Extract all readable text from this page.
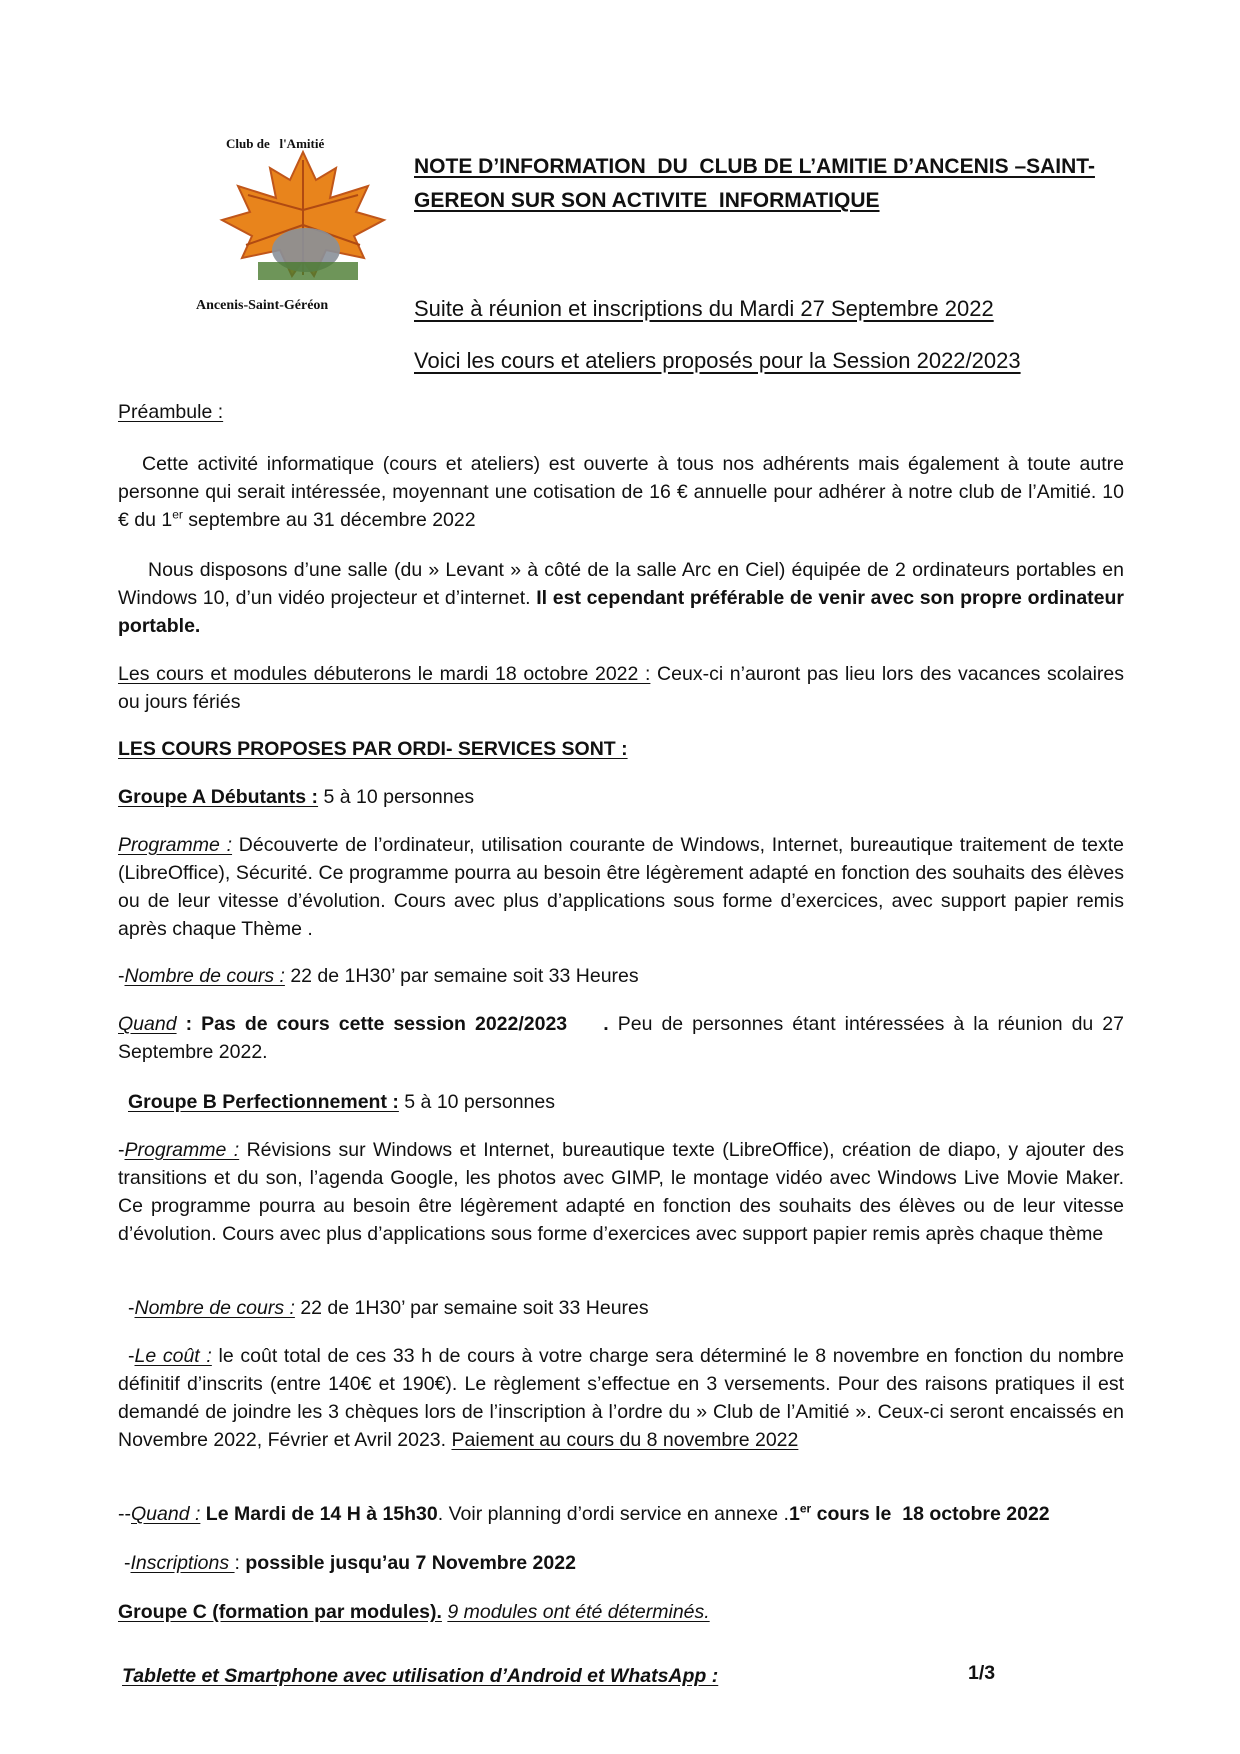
Club de   l'Amitié
Ancenis-Saint-Géréon
NOTE D’INFORMATION  DU  CLUB DE L’AMITIE D’ANCENIS –SAINT-
GEREON SUR SON ACTIVITE  INFORMATIQUE
Suite à réunion et inscriptions du Mardi 27 Septembre 2022
Voici les cours et ateliers proposés pour la Session 2022/2023

Préambule :

Cette activité informatique (cours et ateliers) est ouverte à tous nos adhérents mais également à toute autre personne qui serait intéressée, moyennant une cotisation de 16 € annuelle pour adhérer à notre club de l’Amitié. 10 € du 1er septembre au 31 décembre 2022

Nous disposons d’une salle (du » Levant » à côté de la salle Arc en Ciel) équipée de 2 ordinateurs portables en Windows 10, d’un vidéo projecteur et d’internet. Il est cependant préférable de venir avec son propre ordinateur portable.

Les cours et modules débuterons le mardi 18 octobre 2022 : Ceux-ci n’auront pas lieu lors des vacances scolaires ou jours fériés

LES COURS PROPOSES PAR ORDI- SERVICES SONT :

Groupe A Débutants : 5 à 10 personnes

Programme : Découverte de l’ordinateur, utilisation courante de Windows, Internet, bureautique traitement de texte (LibreOffice), Sécurité. Ce programme pourra au besoin être légèrement adapté en fonction des souhaits des élèves ou de leur vitesse d’évolution. Cours avec plus d’applications sous forme d’exercices, avec support papier remis après chaque Thème .

-Nombre de cours : 22 de 1H30’ par semaine soit 33 Heures

Quand : Pas de cours cette session 2022/2023    . Peu de personnes étant intéressées à la réunion du 27 Septembre 2022.

Groupe B Perfectionnement : 5 à 10 personnes

-Programme : Révisions sur Windows et Internet, bureautique texte (LibreOffice), création de diapo, y ajouter des transitions et du son, l’agenda Google, les photos avec GIMP, le montage vidéo avec Windows Live Movie Maker. Ce programme pourra au besoin être légèrement adapté en fonction des souhaits des élèves ou de leur vitesse d’évolution. Cours avec plus d’applications sous forme d’exercices avec support papier remis après chaque thème

-Nombre de cours : 22 de 1H30’ par semaine soit 33 Heures

-Le coût : le coût total de ces 33 h de cours à votre charge sera déterminé le 8 novembre en fonction du nombre définitif d’inscrits (entre 140€ et 190€). Le règlement s’effectue en 3 versements. Pour des raisons pratiques il est demandé de joindre les 3 chèques lors de l’inscription à l’ordre du » Club de l’Amitié ». Ceux-ci seront encaissés en Novembre 2022, Février et Avril 2023. Paiement au cours du 8 novembre 2022

--Quand : Le Mardi de 14 H à 15h30. Voir planning d’ordi service en annexe .1er cours le  18 octobre 2022

-Inscriptions : possible jusqu’au 7 Novembre 2022

Groupe C (formation par modules). 9 modules ont été déterminés.

Tablette et Smartphone avec utilisation d’Android et WhatsApp :	1/3
